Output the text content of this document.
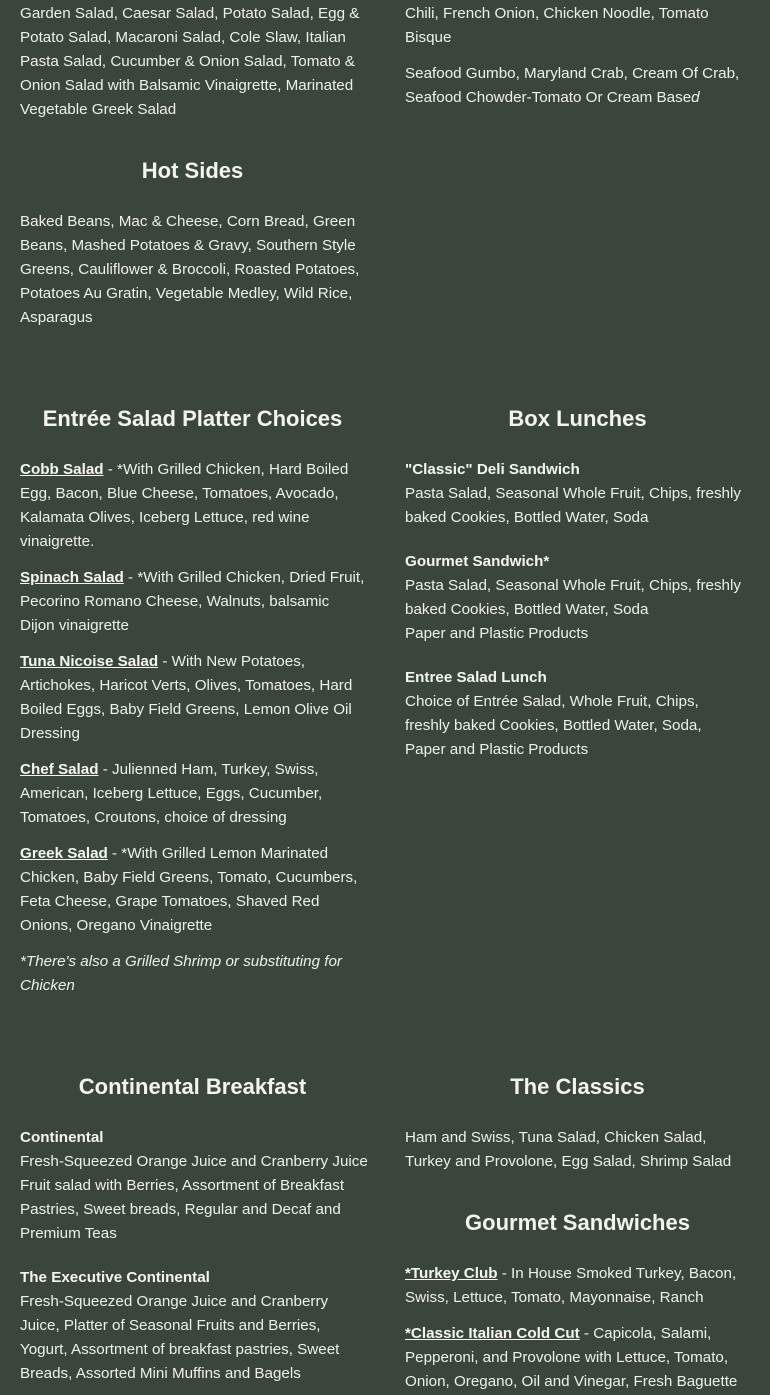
Garden Salad, Caesar Salad, Potato Salad, Egg & Potato Salad, Macaroni Salad, Cole Slaw, Italian Pasta Salad, Cucumber & Onion Salad, Tomato & Onion Salad with Balsamic Vinaigrette, Marinated Vegetable Greek Salad

Chili, French Onion, Chicken Noodle, Tomato Bisque

Seafood Gumbo, Maryland Crab, Cream Of Crab, Seafood Chowder-Tomato Or Cream Based

Hot Sides

Baked Beans, Mac & Cheese, Corn Bread, Green Beans, Mashed Potatoes & Gravy, Southern Style Greens, Cauliflower & Broccoli, Roasted Potatoes, Potatoes Au Gratin, Vegetable Medley, Wild Rice, Asparagus

Entrée Salad Platter Choices

Cobb Salad - *With Grilled Chicken, Hard Boiled Egg, Bacon, Blue Cheese, Tomatoes, Avocado, Kalamata Olives, Iceberg Lettuce, red wine vinaigrette.

Spinach Salad - *With Grilled Chicken, Dried Fruit, Pecorino Romano Cheese, Walnuts, balsamic Dijon vinaigrette

Tuna Nicoise Salad - With New Potatoes, Artichokes, Haricot Verts, Olives, Tomatoes, Hard Boiled Eggs, Baby Field Greens, Lemon Olive Oil Dressing

Chef Salad - Julienned Ham, Turkey, Swiss, American, Iceberg Lettuce, Eggs, Cucumber, Tomatoes, Croutons, choice of dressing

Greek Salad - *With Grilled Lemon Marinated Chicken, Baby Field Greens, Tomato, Cucumbers, Feta Cheese, Grape Tomatoes, Shaved Red Onions, Oregano Vinaigrette

*There's also a Grilled Shrimp or substituting for Chicken

Box Lunches

"Classic" Deli Sandwich

Pasta Salad, Seasonal Whole Fruit, Chips, freshly baked Cookies, Bottled Water, Soda

Gourmet Sandwich*

Pasta Salad, Seasonal Whole Fruit, Chips, freshly baked Cookies, Bottled Water, Soda

Paper and Plastic Products

Entree Salad Lunch

Choice of Entrée Salad, Whole Fruit, Chips, freshly baked Cookies, Bottled Water, Soda, Paper and Plastic Products

Continental Breakfast

Continental

Fresh-Squeezed Orange Juice and Cranberry Juice

Fruit salad with Berries, Assortment of Breakfast Pastries, Sweet breads, Regular and Decaf and Premium Teas

The Executive Continental

Fresh-Squeezed Orange Juice and Cranberry Juice, Platter of Seasonal Fruits and Berries, Yogurt, Assortment of breakfast pastries, Sweet Breads, Assorted Mini Muffins and Bagels

The Classics

Ham and Swiss, Tuna Salad, Chicken Salad, Turkey and Provolone, Egg Salad, Shrimp Salad

Gourmet Sandwiches

*Turkey Club - In House Smoked Turkey, Bacon, Swiss, Lettuce, Tomato, Mayonnaise, Ranch

*Classic Italian Cold Cut - Capicola, Salami, Pepperoni, and Provolone with Lettuce, Tomato, Onion, Oregano, Oil and Vinegar, Fresh Baguette
